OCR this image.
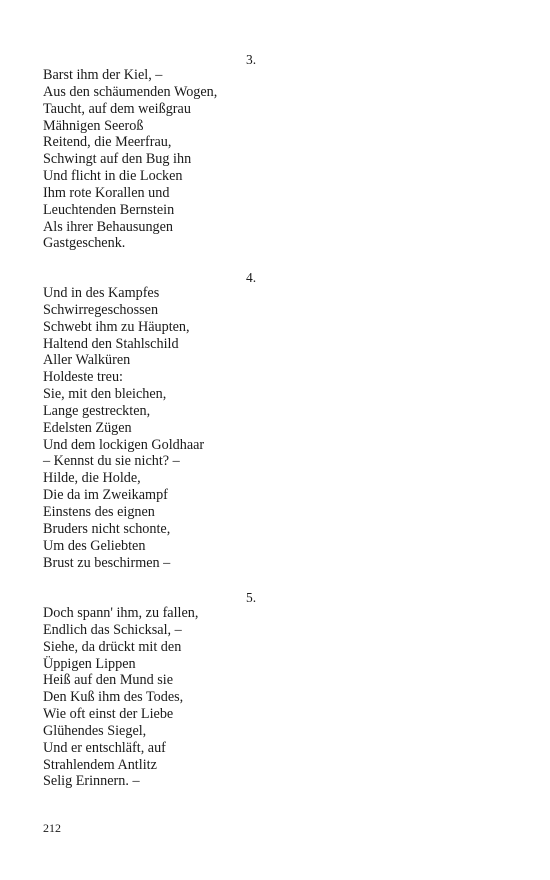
3.
Barst ihm der Kiel, –
Aus den schäumenden Wogen,
Taucht, auf dem weißgrau
Mähnigen Seeroß
Reitend, die Meerfrau,
Schwingt auf den Bug ihn
Und flicht in die Locken
Ihm rote Korallen und
Leuchtenden Bernstein
Als ihrer Behausungen
Gastgeschenk.
4.
Und in des Kampfes
Schwirregeschossen
Schwebt ihm zu Häupten,
Haltend den Stahlschild
Aller Walküren
Holdeste treu:
Sie, mit den bleichen,
Lange gestreckten,
Edelsten Zügen
Und dem lockigen Goldhaar
– Kennst du sie nicht? –
Hilde, die Holde,
Die da im Zweikampf
Einstens des eignen
Bruders nicht schonte,
Um des Geliebten
Brust zu beschirmen –
5.
Doch spann' ihm, zu fallen,
Endlich das Schicksal, –
Siehe, da drückt mit den
Üppigen Lippen
Heiß auf den Mund sie
Den Kuß ihm des Todes,
Wie oft einst der Liebe
Glühendes Siegel,
Und er entschläft, auf
Strahlendem Antlitz
Selig Erinnern. –
212
